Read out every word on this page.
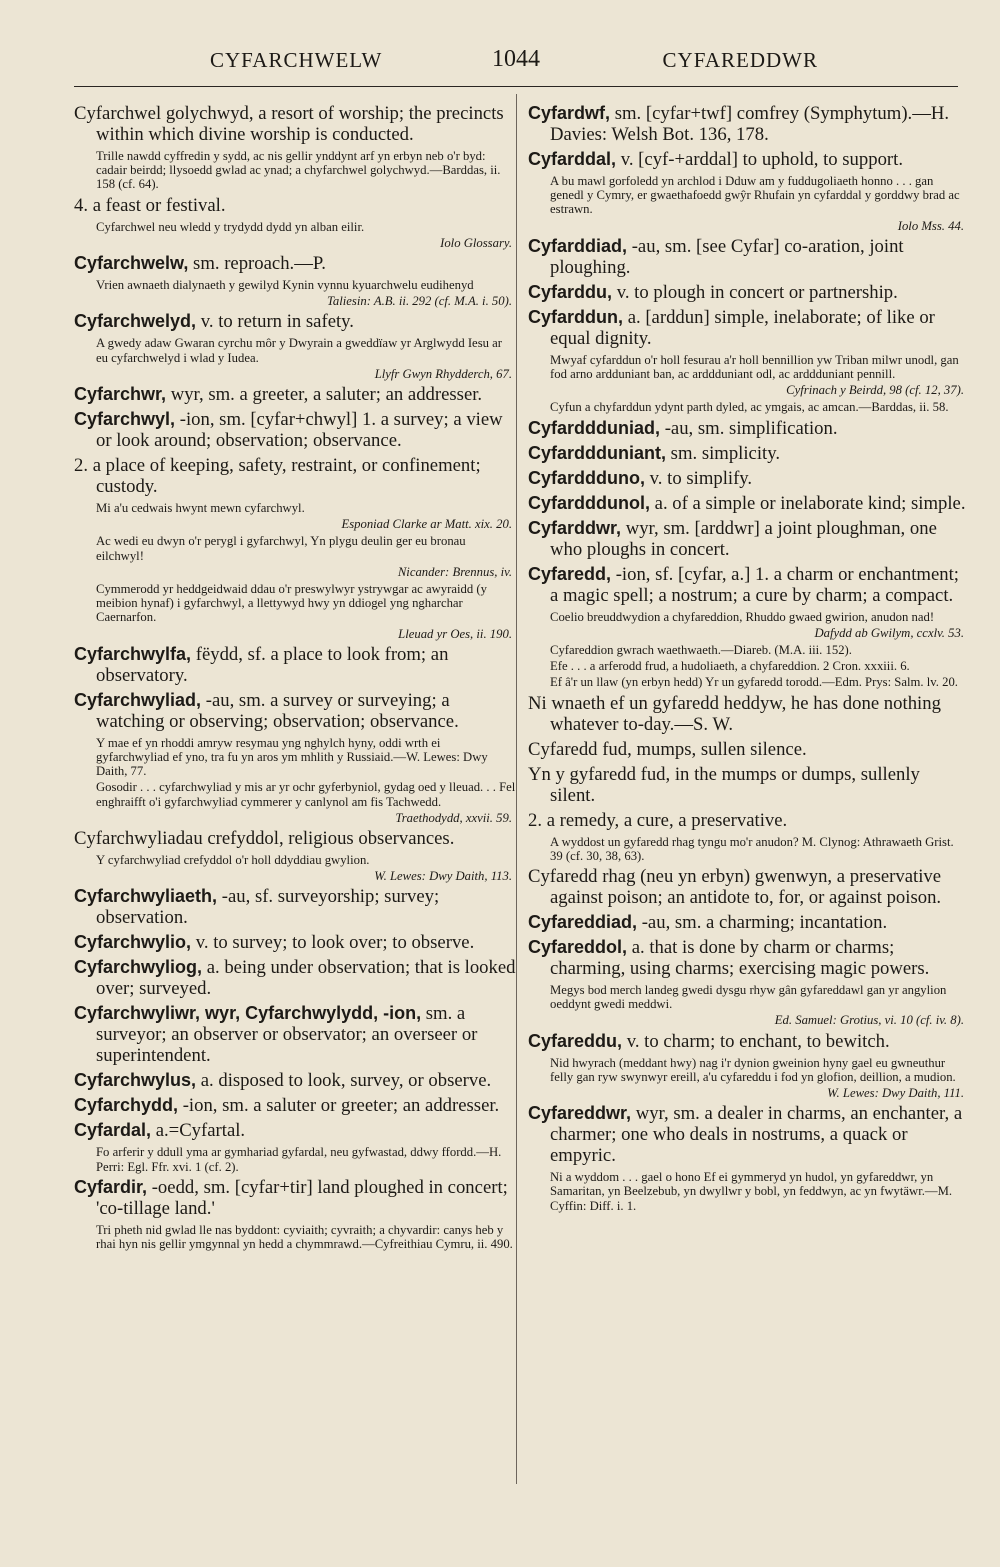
CYFARCHWELW	1044	CYFAREDDWR
Cyfarchwel golychwyd, a resort of worship; the precincts within which divine worship is conducted.
Trille nawdd cyffredin y sydd, ac nis gellir ynddynt arf yn erbyn neb o'r byd: cadair beirdd; llysoedd gwlad ac ynad; a chyfarchwel golychwyd.—Barddas, ii. 158 (cf. 64).
4. a feast or festival.
Cyfarchwel neu wledd y trydydd dydd yn alban eilir.
Iolo Glossary.
Cyfarchwelw, sm. reproach.—P.
Vrien awnaeth dialynaeth y gewilyd Kynin vynnu kyuarchwelu eudihenyd
Taliesin: A.B. ii. 292 (cf. M.A. i. 50).
Cyfarchwelyd, v. to return in safety.
A gwedy adaw Gwaran cyrchu môr y Dwyrain a gweddïaw yr Arglwydd Iesu ar eu cyfarchwelyd i wlad y Iudea.
Llyfr Gwyn Rhydderch, 67.
Cyfarchwr, wyr, sm. a greeter, a saluter; an addresser.
Cyfarchwyl, -ion, sm. [cyfar+chwyl] 1. a survey; a view or look around; observation; observance.
2. a place of keeping, safety, restraint, or confinement; custody.
Mi a'u cedwais hwynt mewn cyfarchwyl.
Esponiad Clarke ar Matt. xix. 20.
Ac wedi eu dwyn o'r perygl i gyfarchwyl, Yn plygu deulin ger eu bronau eilchwyl!
Nicander: Brennus, iv.
Cymmerodd yr heddgeidwaid ddau o'r preswylwyr ystrywgar ac awyraidd (y meibion hynaf) i gyfarchwyl, a llettywyd hwy yn ddiogel yng ngharchar Caernarfon.
Lleuad yr Oes, ii. 190.
Cyfarchwylfa, fëydd, sf. a place to look from; an observatory.
Cyfarchwyliad, -au, sm. a survey or surveying; a watching or observing; observation; observance.
Y mae ef yn rhoddi amryw resymau yng nghylch hyny, oddi wrth ei gyfarchwyliad ef yno, tra fu yn aros ym mhlith y Russiaid.—W. Lewes: Dwy Daith, 77.
Gosodir . . . cyfarchwyliad y mis ar yr ochr gyferbyniol, gydag oed y lleuad. . . Fel enghraifft o'i gyfarchwyliad cymmerer y canlynol am fis Tachwedd.
Traethodydd, xxvii. 59.
Cyfarchwyliadau crefyddol, religious observances.
Y cyfarchwyliad crefyddol o'r holl ddyddiau gwylion.
W. Lewes: Dwy Daith, 113.
Cyfarchwyliaeth, -au, sf. surveyorship; survey; observation.
Cyfarchwylio, v. to survey; to look over; to observe.
Cyfarchwyliog, a. being under observation; that is looked over; surveyed.
Cyfarchwyliwr, wyr, Cyfarchwylydd, -ion, sm. a surveyor; an observer or observator; an overseer or superintendent.
Cyfarchwylus, a. disposed to look, survey, or observe.
Cyfarchydd, -ion, sm. a saluter or greeter; an addresser.
Cyfardal, a.=Cyfartal.
Fo arferir y ddull yma ar gymhariad gyfardal, neu gyfwastad, ddwy ffordd.—H. Perri: Egl. Ffr. xvi. 1 (cf. 2).
Cyfardir, -oedd, sm. [cyfar+tir] land ploughed in concert; 'co-tillage land.'
Tri pheth nid gwlad lle nas byddont: cyviaith; cyvraith; a chyvardir: canys heb y rhai hyn nis gellir ymgynnal yn hedd a chymmrawd.—Cyfreithiau Cymru, ii. 490.
Cyfardwf, sm. [cyfar+twf] comfrey (Symphytum).—H. Davies: Welsh Bot. 136, 178.
Cyfarddal, v. [cyf-+arddal] to uphold, to support.
A bu mawl gorfoledd yn archlod i Dduw am y fuddugoliaeth honno . . . gan genedl y Cymry, er gwaethafoedd gwŷr Rhufain yn cyfarddal y gorddwy brad ac estrawn.
Iolo Mss. 44.
Cyfarddiad, -au, sm. [see Cyfar] co-aration, joint ploughing.
Cyfarddu, v. to plough in concert or partnership.
Cyfarddun, a. [arddun] simple, inelaborate; of like or equal dignity.
Mwyaf cyfarddun o'r holl fesurau a'r holl bennillion yw Triban milwr unodl, gan fod arno ardduniant ban, ac arddduniant odl, ac arddduniant pennill.
Cyfrinach y Beirdd, 98 (cf. 12, 37).
Cyfun a chyfarddun ydynt parth dyled, ac ymgais, ac amcan.—Barddas, ii. 58.
Cyfarddduniad, -au, sm. simplification.
Cyfarddduniant, sm. simplicity.
Cyfarddduno, v. to simplify.
Cyfardddunol, a. of a simple or inelaborate kind; simple.
Cyfarddwr, wyr, sm. [arddwr] a joint ploughman, one who ploughs in concert.
Cyfaredd, -ion, sf. [cyfar, a.] 1. a charm or enchantment; a magic spell; a nostrum; a cure by charm; a compact.
Coelio breuddwydion a chyfareddion, Rhuddo gwaed gwirion, anudon nad!
Dafydd ab Gwilym, ccxlv. 53.
Cyfareddion gwrach waethwaeth.—Diareb. (M.A. iii. 152).
Efe . . . a arferodd frud, a hudoliaeth, a chyfareddion. 2 Cron. xxxiii. 6.
Ef â'r un llaw (yn erbyn hedd) Yr un gyfaredd torodd.—Edm. Prys: Salm. lv. 20.
Ni wnaeth ef un gyfaredd heddyw, he has done nothing whatever to-day.—S. W.
Cyfaredd fud, mumps, sullen silence.
Yn y gyfaredd fud, in the mumps or dumps, sullenly silent.
2. a remedy, a cure, a preservative.
A wyddost un gyfaredd rhag tyngu mo'r anudon? M. Clynog: Athrawaeth Grist. 39 (cf. 30, 38, 63).
Cyfaredd rhag (neu yn erbyn) gwenwyn, a preservative against poison; an antidote to, for, or against poison.
Cyfareddiad, -au, sm. a charming; incantation.
Cyfareddol, a. that is done by charm or charms; charming, using charms; exercising magic powers.
Megys bod merch landeg gwedi dysgu rhyw gân gyfareddawl gan yr angylion oeddynt gwedi meddwi.
Ed. Samuel: Grotius, vi. 10 (cf. iv. 8).
Cyfareddu, v. to charm; to enchant, to bewitch.
Nid hwyrach (meddant hwy) nag i'r dynion gweinion hyny gael eu gwneuthur felly gan ryw swynwyr ereill, a'u cyfareddu i fod yn glofion, deillion, a mudion.
W. Lewes: Dwy Daith, 111.
Cyfareddwr, wyr, sm. a dealer in charms, an enchanter, a charmer; one who deals in nostrums, a quack or empyric.
Ni a wyddom . . . gael o hono Ef ei gymmeryd yn hudol, yn gyfareddwr, yn Samaritan, yn Beelzebub, yn dwyllwr y bobl, yn feddwyn, ac yn fwytäwr.—M. Cyffin: Diff. i. 1.
